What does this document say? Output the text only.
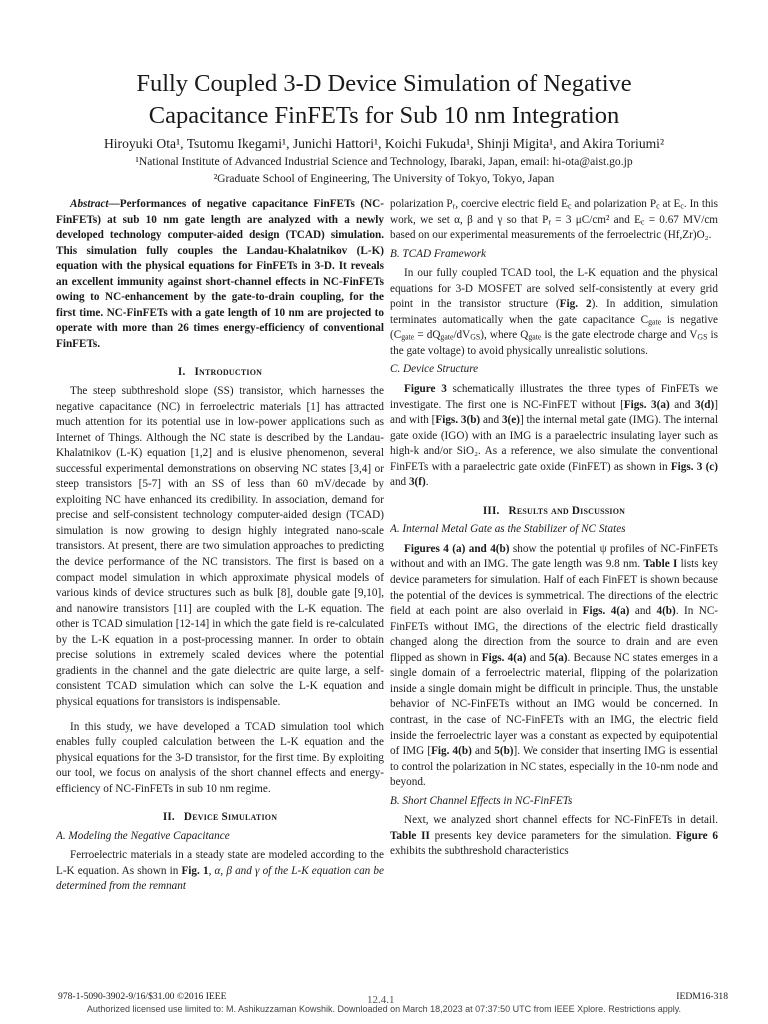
Fully Coupled 3-D Device Simulation of Negative
Capacitance FinFETs for Sub 10 nm Integration
Hiroyuki Ota¹, Tsutomu Ikegami¹, Junichi Hattori¹, Koichi Fukuda¹, Shinji Migita¹, and Akira Toriumi²
¹National Institute of Advanced Industrial Science and Technology, Ibaraki, Japan, email: hi-ota@aist.go.jp
²Graduate School of Engineering, The University of Tokyo, Tokyo, Japan

Abstract—Performances of negative capacitance FinFETs (NC-FinFETs) at sub 10 nm gate length are analyzed with a newly developed technology computer-aided design (TCAD) simulation. This simulation fully couples the Landau-Khalatnikov (L-K) equation with the physical equations for FinFETs in 3-D. It reveals an excellent immunity against short-channel effects in NC-FinFETs owing to NC-enhancement by the gate-to-drain coupling, for the first time. NC-FinFETs with a gate length of 10 nm are projected to operate with more than 26 times energy-efficiency of conventional FinFETs.

I. Introduction

The steep subthreshold slope (SS) transistor, which harnesses the negative capacitance (NC) in ferroelectric materials [1] has attracted much attention for its potential use in low-power applications such as Internet of Things. Although the NC state is described by the Landau-Khalatnikov (L-K) equation [1,2] and is elusive phenomenon, several successful experimental demonstrations on observing NC states [3,4] or steep transistors [5-7] with an SS of less than 60 mV/decade by exploiting NC have enhanced its credibility. In association, demand for precise and self-consistent technology computer-aided design (TCAD) simulation is now growing to design highly integrated nano-scale transistors. At present, there are two simulation approaches to predicting the device performance of the NC transistors. The first is based on a compact model simulation in which approximate physical models of various kinds of device structures such as bulk [8], double gate [9,10], and nanowire transistors [11] are coupled with the L-K equation. The other is TCAD simulation [12-14] in which the gate field is re-calculated by the L-K equation in a post-processing manner. In order to obtain precise solutions in extremely scaled devices where the potential gradients in the channel and the gate dielectric are quite large, a self-consistent TCAD simulation which can solve the L-K equation and physical equations for transistors is indispensable.

In this study, we have developed a TCAD simulation tool which enables fully coupled calculation between the L-K equation and the physical equations for the 3-D transistor, for the first time. By exploiting our tool, we focus on analysis of the short channel effects and energy-efficiency of NC-FinFETs in sub 10 nm regime.

II. Device Simulation
A. Modeling the Negative Capacitance

Ferroelectric materials in a steady state are modeled according to the L-K equation. As shown in Fig. 1, α, β and γ of the L-K equation can be determined from the remnant

polarization $P_r$, coercive electric field $E_c$ and polarization $P_c$ at $E_c$. In this work, we set α, β and γ so that $P_r = 3$ μC/cm² and $E_c = 0.67$ MV/cm based on our experimental measurements of the ferroelectric (Hf,Zr)O₂.

B. TCAD Framework

In our fully coupled TCAD tool, the L-K equation and the physical equations for 3-D MOSFET are solved self-consistently at every grid point in the transistor structure (Fig. 2). In addition, simulation terminates automatically when the gate capacitance $C_{gate}$ is negative $(C_{gate} = dQ_{gate}/dV_{GS})$, where $Q_{gate}$ is the gate electrode charge and $V_{GS}$ is the gate voltage) to avoid physically unrealistic solutions.

C. Device Structure

Figure 3 schematically illustrates the three types of FinFETs we investigate. The first one is NC-FinFET without [Figs. 3(a) and 3(d)] and with [Figs. 3(b) and 3(e)] the internal metal gate (IMG). The internal gate oxide (IGO) with an IMG is a paraelectric insulating layer such as high-k and/or SiO₂. As a reference, we also simulate the conventional FinFETs with a paraelectric gate oxide (FinFET) as shown in Figs. 3 (c) and 3(f).

III. Results and Discussion
A. Internal Metal Gate as the Stabilizer of NC States

Figures 4 (a) and 4(b) show the potential ψ profiles of NC-FinFETs without and with an IMG. The gate length was 9.8 nm. Table I lists key device parameters for simulation. Half of each FinFET is shown because the potential of the devices is symmetrical. The directions of the electric field at each point are also overlaid in Figs. 4(a) and 4(b). In NC-FinFETs without IMG, the directions of the electric field drastically changed along the direction from the source to drain and are even flipped as shown in Figs. 4(a) and 5(a). Because NC states emerges in a single domain of a ferroelectric material, flipping of the polarization inside a single domain might be difficult in principle. Thus, the unstable behavior of NC-FinFETs without an IMG would be concerned. In contrast, in the case of NC-FinFETs with an IMG, the electric field inside the ferroelectric layer was a constant as expected by equipotential of IMG [Fig. 4(b) and 5(b)]. We consider that inserting IMG is essential to control the polarization in NC states, especially in the 10-nm node and beyond.

B. Short Channel Effects in NC-FinFETs

Next, we analyzed short channel effects for NC-FinFETs in detail. Table II presents key device parameters for the simulation. Figure 6 exhibits the subthreshold characteristics

978-1-5090-3902-9/16/$31.00 ©2016 IEEE	12.4.1	IEDM16-318
Authorized licensed use limited to: M. Ashikuzzaman Kowshik. Downloaded on March 18,2023 at 07:37:50 UTC from IEEE Xplore. Restrictions apply.
